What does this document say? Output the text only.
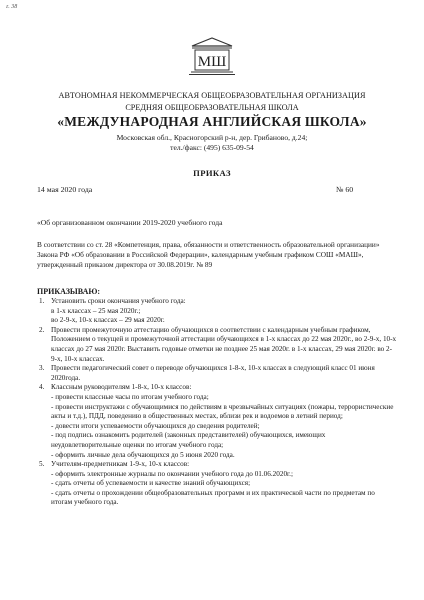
г. 38
МШ
АВТОНОМНАЯ НЕКОММЕРЧЕСКАЯ ОБЩЕОБРАЗОВАТЕЛЬНАЯ ОРГАНИЗАЦИЯ
СРЕДНЯЯ ОБЩЕОБРАЗОВАТЕЛЬНАЯ ШКОЛА
«МЕЖДУНАРОДНАЯ АНГЛИЙСКАЯ ШКОЛА»
Московская обл., Красногорский р-н, дер. Грибаново, д.24;
тел./факс: (495) 635-09-54
ПРИКАЗ
14 мая 2020 года	№ 60
«Об организованном окончании 2019-2020 учебного года

В соответствии со ст. 28 «Компетенция, права, обязанности и ответственность образовательной организации» Закона РФ «Об образовании в Российской Федерации», календарным учебным графиком СОШ «МАШ», утвержденный приказом директора от 30.08.2019г. № 89

ПРИКАЗЫВАЮ:
1. Установить сроки окончания учебного года:
в 1-х классах – 25 мая 2020г.;
во 2-9-х, 10-х классах – 29 мая 2020г.
2. Провести промежуточную аттестацию обучающихся в соответствии с календарным учебным графиком, Положением о текущей и промежуточной аттестации обучающихся в 1-х классах до 22 мая 2020г., во 2-9-х, 10-х классах до 27 мая 2020г. Выставить годовые отметки не позднее 25 мая 2020г. в 1-х классах, 29 мая 2020г. во 2-9-х, 10-х классах.
3. Провести педагогический совет о переводе обучающихся 1-8-х, 10-х классах в следующий класс 01 июня 2020года.
4. Классным руководителям 1-8-х, 10-х классов:
- провести классные часы по итогам учебного года;
- провести инструктажи с обучающимися по действиям в чрезвычайных ситуациях (пожары, террористические акты и т.д.), ПДД, поведению в общественных местах, вблизи рек и водоемов в летний период;
- довести итоги успеваемости обучающихся до сведения родителей;
- под подпись ознакомить родителей (законных представителей) обучающихся, имеющих неудовлетворительные оценки по итогам учебного года;
- оформить личные дела обучающихся до 5 июня 2020 года.
5. Учителям-предметникам 1-9-х, 10-х классов:
- оформить электронные журналы по окончании учебного года до 01.06.2020г.;
- сдать отчеты об успеваемости и качестве знаний обучающихся;
- сдать отчеты о прохождении общеобразовательных программ и их практической части по предметам по итогам учебного года.
